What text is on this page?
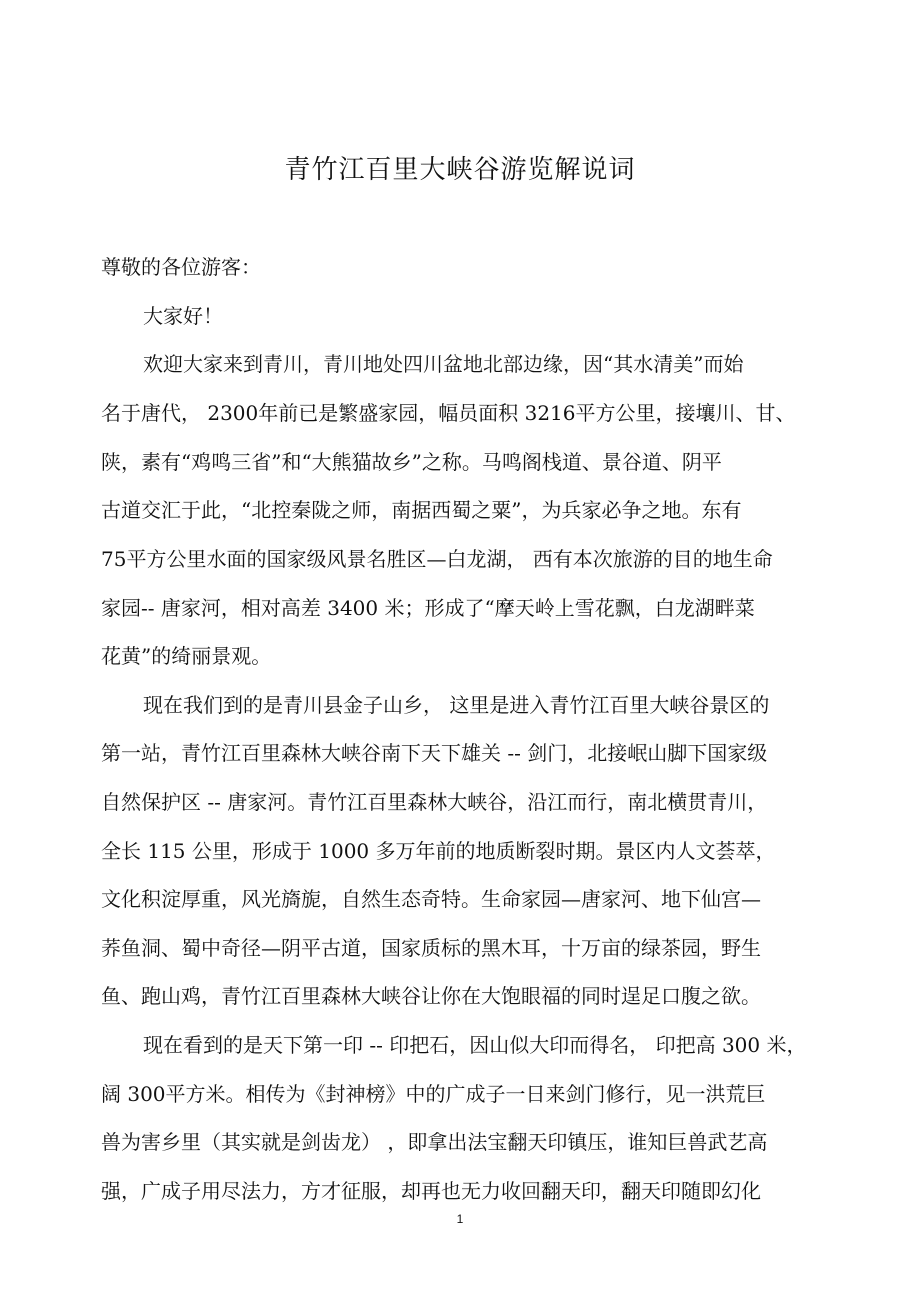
青竹江百里大峡谷游览解说词

尊敬的各位游客：

大家好！

欢迎大家来到青川，青川地处四川盆地北部边缘，因“其水清美”而始

名于唐代， 2300年前已是繁盛家园，幅员面积 3216平方公里，接壤川、甘、

陕，素有“鸡鸣三省”和“大熊猫故乡”之称。马鸣阁栈道、景谷道、阴平

古道交汇于此，“北控秦陇之师，南据西蜀之粟”，为兵家必争之地。东有

75平方公里水面的国家级风景名胜区—白龙湖， 西有本次旅游的目的地生命

家园-- 唐家河，相对高差 3400 米；形成了“摩天岭上雪花飘，白龙湖畔菜

花黄”的绮丽景观。

现在我们到的是青川县金子山乡， 这里是进入青竹江百里大峡谷景区的

第一站，青竹江百里森林大峡谷南下天下雄关 -- 剑门，北接岷山脚下国家级

自然保护区 -- 唐家河。青竹江百里森林大峡谷，沿江而行，南北横贯青川，

全长 115 公里，形成于 1000 多万年前的地质断裂时期。景区内人文荟萃，

文化积淀厚重，风光旖旎，自然生态奇特。生命家园—唐家河、地下仙宫—

荞鱼洞、蜀中奇径—阴平古道，国家质标的黑木耳，十万亩的绿茶园，野生

鱼、跑山鸡，青竹江百里森林大峡谷让你在大饱眼福的同时逞足口腹之欲。

现在看到的是天下第一印 -- 印把石，因山似大印而得名， 印把高 300 米，

阔 300平方米。相传为《封神榜》中的广成子一日来剑门修行，见一洪荒巨

兽为害乡里（其实就是剑齿龙） ，即拿出法宝翻天印镇压，谁知巨兽武艺高

强，广成子用尽法力，方才征服，却再也无力收回翻天印，翻天印随即幻化

1
